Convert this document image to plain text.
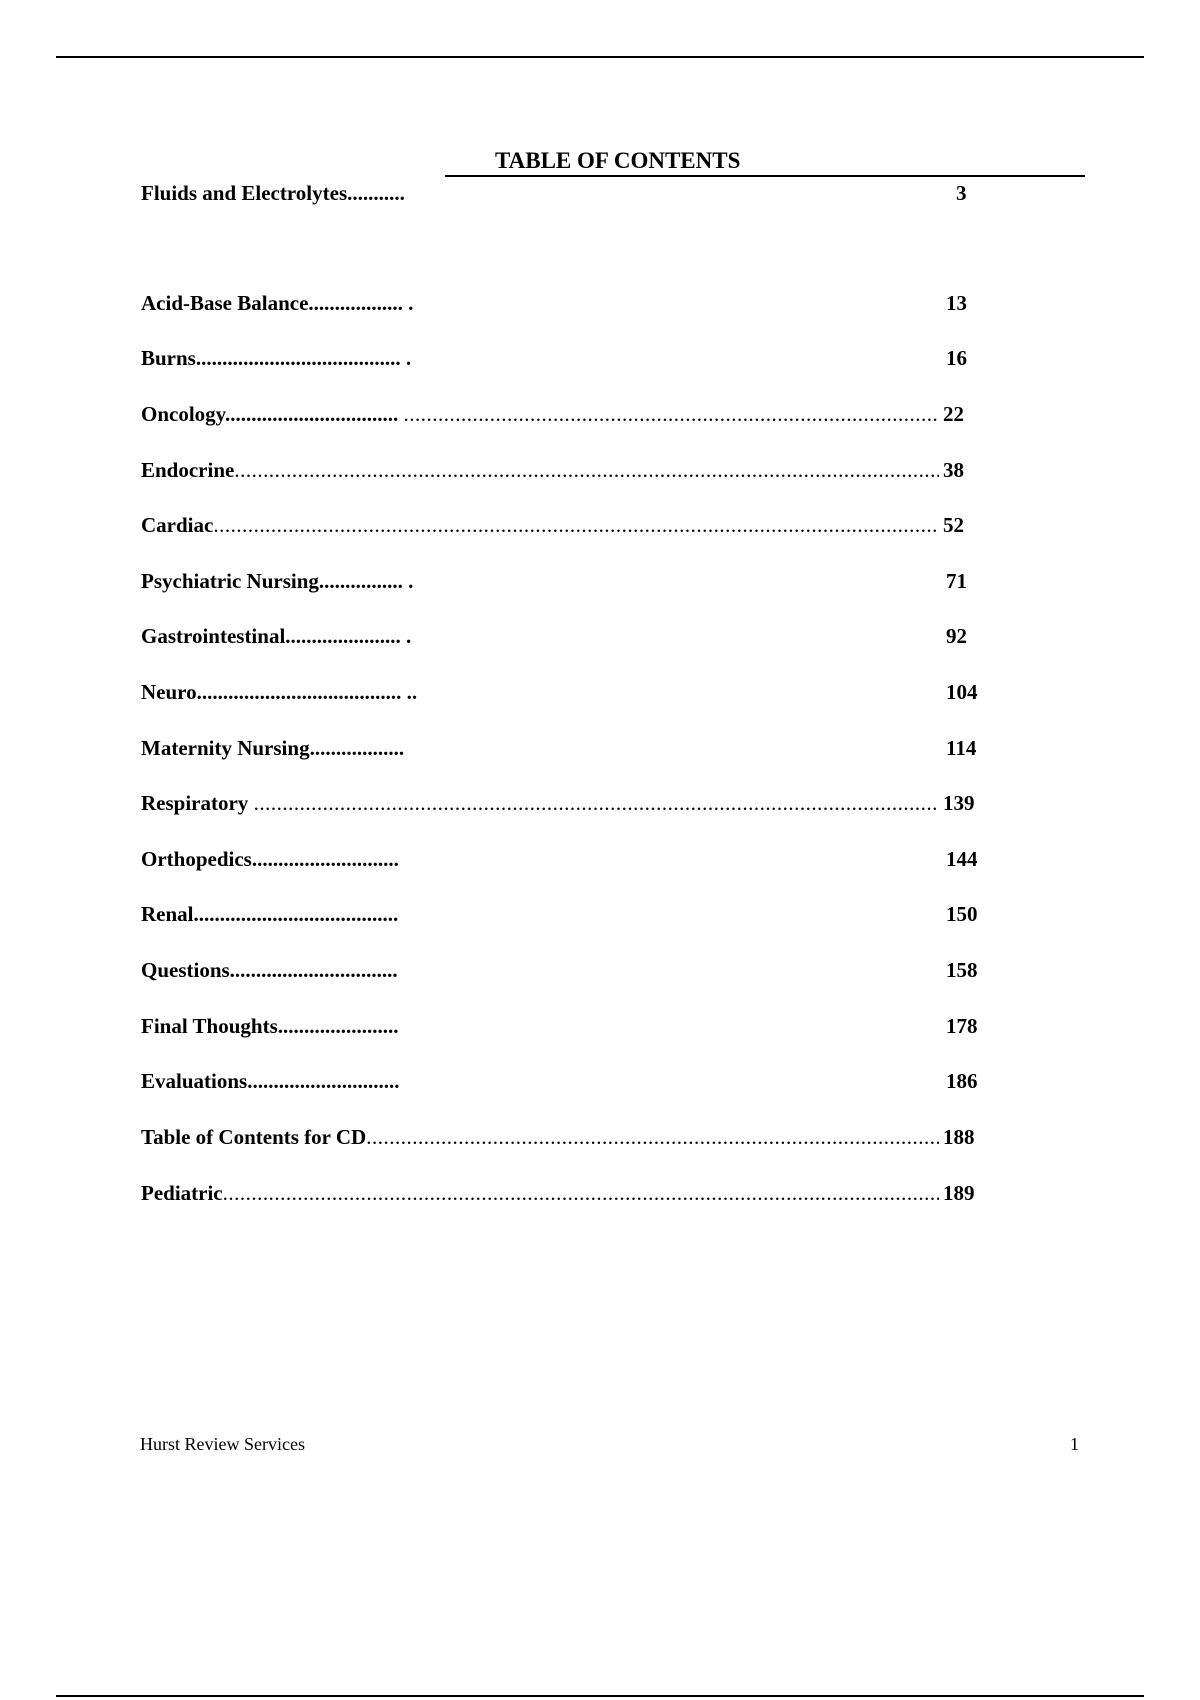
TABLE OF CONTENTS
Fluids and Electrolytes...........	3
Acid-Base Balance.................. .	13
Burns....................................... .	16
Oncology................................. .....	22
Endocrine .....	38
Cardiac .....	52
Psychiatric Nursing................ .	71
Gastrointestinal...................... .	92
Neuro....................................... ..	104
Maternity Nursing..................	114
Respiratory .....	139
Orthopedics............................	144
Renal.......................................	150
Questions................................	158
Final Thoughts.......................	178
Evaluations.............................	186
Table of Contents for CD .....	188
Pediatric .....	189
Hurst Review Services	1
